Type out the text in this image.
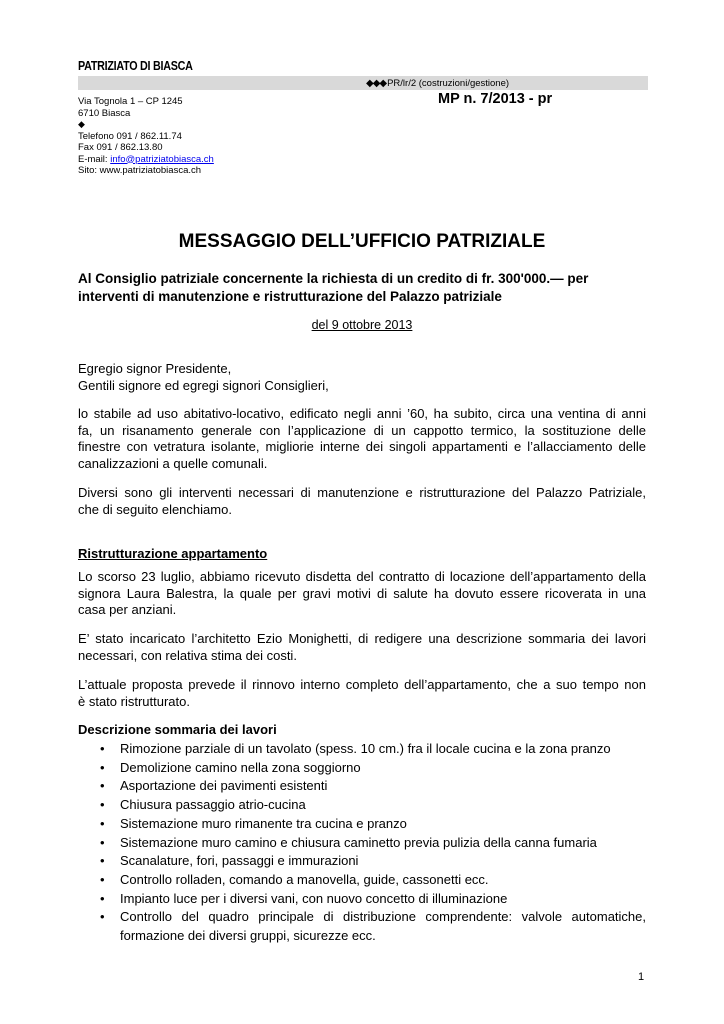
PATRIZIATO DI BIASCA
◆◆◆PR/lr/2 (costruzioni/gestione)
MP n. 7/2013 - pr
Via Tognola 1 – CP 1245
6710 Biasca
◆
Telefono 091 / 862.11.74
Fax 091 / 862.13.80
E-mail: info@patriziatobiasca.ch
Sito: www.patriziatobiasca.ch
MESSAGGIO DELL’UFFICIO PATRIZIALE
Al Consiglio patriziale concernente la richiesta di un credito di fr. 300'000.— per
interventi di manutenzione e ristrutturazione del Palazzo patriziale
del 9 ottobre 2013
Egregio signor Presidente,
Gentili signore ed egregi signori Consiglieri,
lo stabile ad uso abitativo-locativo, edificato negli anni ’60, ha subito, circa una ventina di anni
fa, un risanamento generale con l’applicazione di un cappotto termico, la sostituzione delle
finestre con vetratura isolante, migliorie interne dei singoli appartamenti e l’allacciamento delle
canalizzazioni a quelle comunali.
Diversi sono gli interventi necessari di manutenzione e ristrutturazione del Palazzo Patriziale,
che di seguito elenchiamo.
Ristrutturazione appartamento
Lo scorso 23 luglio, abbiamo ricevuto disdetta del contratto di locazione dell’appartamento della
signora Laura Balestra, la quale per gravi motivi di salute ha dovuto essere ricoverata in una
casa per anziani.
E’ stato incaricato l’architetto Ezio Monighetti, di redigere una descrizione sommaria dei lavori
necessari, con relativa stima dei costi.
L’attuale proposta prevede il rinnovo interno completo dell’appartamento, che a suo tempo non
è stato ristrutturato.
Descrizione sommaria dei lavori
• Rimozione parziale di un tavolato (spess. 10 cm.) fra il locale cucina e la zona pranzo
• Demolizione camino nella zona soggiorno
• Asportazione dei pavimenti esistenti
• Chiusura passaggio atrio-cucina
• Sistemazione muro rimanente tra cucina e pranzo
• Sistemazione muro camino e chiusura caminetto previa pulizia della canna fumaria
• Scanalature, fori, passaggi e immurazioni
• Controllo rolladen, comando a manovella, guide, cassonetti ecc.
• Impianto luce per i diversi vani, con nuovo concetto di illuminazione
• Controllo del quadro principale di distribuzione comprendente: valvole automatiche,
formazione dei diversi gruppi, sicurezze ecc.
1
